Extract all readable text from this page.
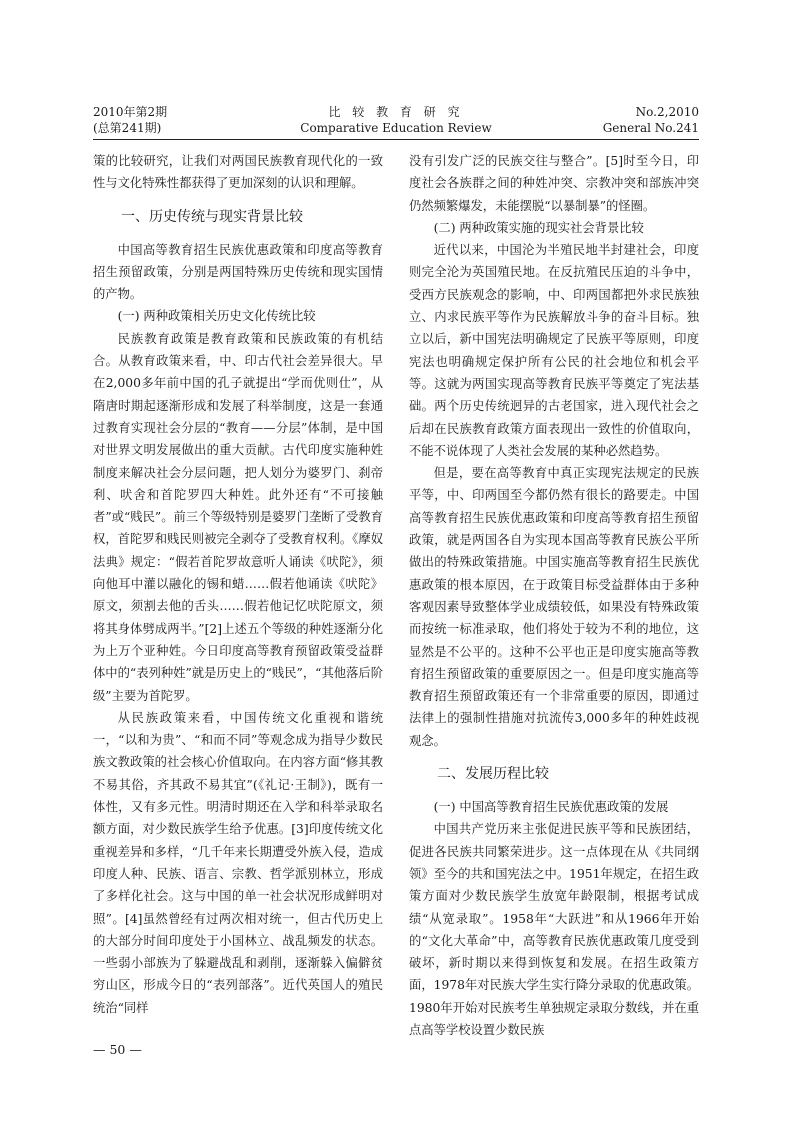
2010年第2期
(总第241期)
比 较 教 育 研 究
Comparative Education Review
No.2,2010
General No.241

策的比较研究，让我们对两国民族教育现代化的一致性与文化特殊性都获得了更加深刻的认识和理解。

一、历史传统与现实背景比较

中国高等教育招生民族优惠政策和印度高等教育招生预留政策，分别是两国特殊历史传统和现实国情的产物。

(一) 两种政策相关历史文化传统比较

民族教育政策是教育政策和民族政策的有机结合。从教育政策来看，中、印古代社会差异很大。早在2,000多年前中国的孔子就提出“学而优则仕”，从隋唐时期起逐渐形成和发展了科举制度，这是一套通过教育实现社会分层的“教育——分层”体制，是中国对世界文明发展做出的重大贡献。古代印度实施种姓制度来解决社会分层问题，把人划分为婆罗门、刹帝利、吠舍和首陀罗四大种姓。此外还有“不可接触者”或“贱民”。前三个等级特别是婆罗门垄断了受教育权，首陀罗和贱民则被完全剥夺了受教育权利。《摩奴法典》规定：“假若首陀罗故意听人诵读《吠陀》，须向他耳中灌以融化的锡和蜡……假若他诵读《吠陀》原文，须割去他的舌头……假若他记忆吠陀原文，须将其身体劈成两半。”[2]上述五个等级的种姓逐渐分化为上万个亚种姓。今日印度高等教育预留政策受益群体中的“表列种姓”就是历史上的“贱民”，“其他落后阶级”主要为首陀罗。

从民族政策来看，中国传统文化重视和谐统一，“以和为贵”、“和而不同”等观念成为指导少数民族文教政策的社会核心价值取向。在内容方面“修其教不易其俗，齐其政不易其宜”(《礼记·王制》)，既有一体性，又有多元性。明清时期还在入学和科举录取名额方面，对少数民族学生给予优惠。[3]印度传统文化重视差异和多样，“几千年来长期遭受外族入侵，造成印度人种、民族、语言、宗教、哲学派别林立，形成了多样化社会。这与中国的单一社会状况形成鲜明对照”。[4]虽然曾经有过两次相对统一，但古代历史上的大部分时间印度处于小国林立、战乱频发的状态。一些弱小部族为了躲避战乱和剥削，逐渐躲入偏僻贫穷山区，形成今日的“表列部落”。近代英国人的殖民统治“同样

没有引发广泛的民族交往与整合”。[5]时至今日，印度社会各族群之间的种姓冲突、宗教冲突和部族冲突仍然频繁爆发，未能摆脱“以暴制暴”的怪圈。

(二) 两种政策实施的现实社会背景比较

近代以来，中国沦为半殖民地半封建社会，印度则完全沦为英国殖民地。在反抗殖民压迫的斗争中，受西方民族观念的影响，中、印两国都把外求民族独立、内求民族平等作为民族解放斗争的奋斗目标。独立以后，新中国宪法明确规定了民族平等原则，印度宪法也明确规定保护所有公民的社会地位和机会平等。这就为两国实现高等教育民族平等奠定了宪法基础。两个历史传统迥异的古老国家，进入现代社会之后却在民族教育政策方面表现出一致性的价值取向，不能不说体现了人类社会发展的某种必然趋势。

但是，要在高等教育中真正实现宪法规定的民族平等，中、印两国至今都仍然有很长的路要走。中国高等教育招生民族优惠政策和印度高等教育招生预留政策，就是两国各自为实现本国高等教育民族公平所做出的特殊政策措施。中国实施高等教育招生民族优惠政策的根本原因，在于政策目标受益群体由于多种客观因素导致整体学业成绩较低，如果没有特殊政策而按统一标准录取，他们将处于较为不利的地位，这显然是不公平的。这种不公平也正是印度实施高等教育招生预留政策的重要原因之一。但是印度实施高等教育招生预留政策还有一个非常重要的原因，即通过法律上的强制性措施对抗流传3,000多年的种姓歧视观念。

二、发展历程比较
(一) 中国高等教育招生民族优惠政策的发展

中国共产党历来主张促进民族平等和民族团结，促进各民族共同繁荣进步。这一点体现在从《共同纲领》至今的共和国宪法之中。1951年规定，在招生政策方面对少数民族学生放宽年龄限制，根据考试成绩“从宽录取”。1958年“大跃进”和从1966年开始的“文化大革命”中，高等教育民族优惠政策几度受到破坏，新时期以来得到恢复和发展。在招生政策方面，1978年对民族大学生实行降分录取的优惠政策。1980年开始对民族考生单独规定录取分数线，并在重点高等学校设置少数民族

— 50 —
